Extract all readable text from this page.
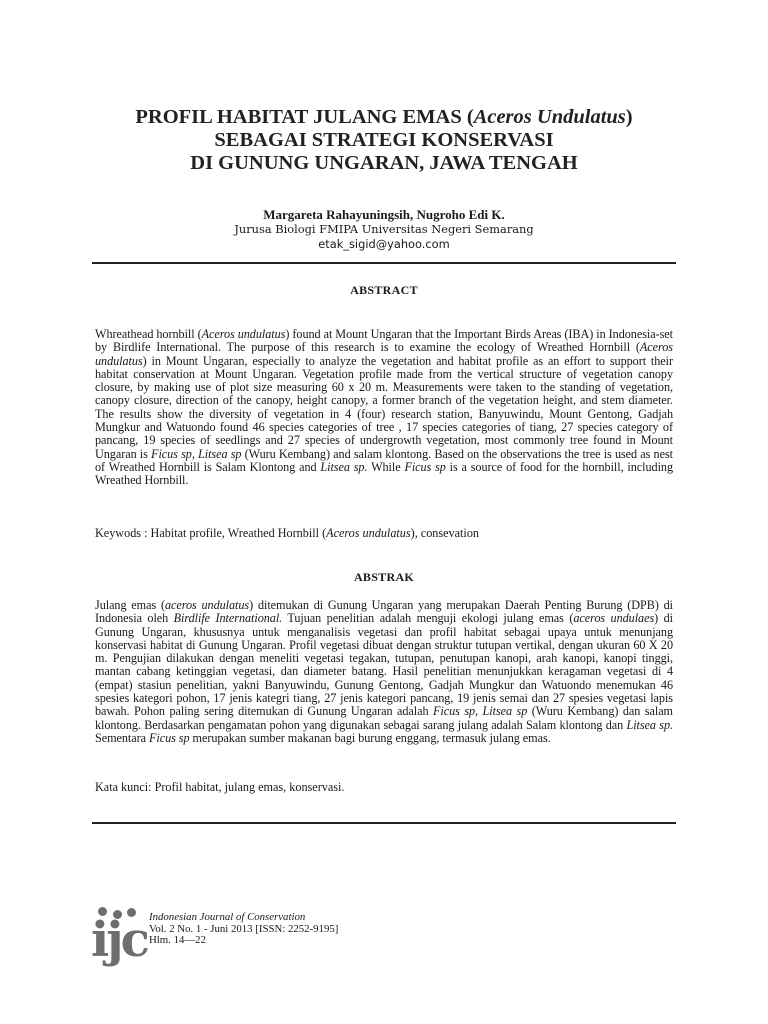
PROFIL HABITAT JULANG EMAS (Aceros Undulatus)
SEBAGAI STRATEGI KONSERVASI
DI GUNUNG UNGARAN, JAWA TENGAH
Margareta Rahayuningsih, Nugroho Edi K.
Jurusa Biologi FMIPA Universitas Negeri Semarang
etak_sigid@yahoo.com
ABSTRACT
Whreathead hornbill (Aceros undulatus) found at Mount Ungaran that the Important Birds Areas (IBA) in Indonesia-set by Birdlife International. The purpose of this research is to examine the ecology of Wreathed Hornbill (Aceros undulatus) in Mount Ungaran, especially to analyze the vegetation and habitat profile as an effort to support their habitat conservation at Mount Ungaran. Vegetation profile made from the vertical structure of vegetation canopy closure, by making use of plot size measuring 60 x 20 m. Measurements were taken to the standing of vegetation, canopy closure, direction of the canopy, height canopy, a former branch of the vegetation height, and stem diameter. The results show the diversity of vegetation in 4 (four) research station, Banyuwindu, Mount Gentong, Gadjah Mungkur and Watuondo found 46 species categories of tree , 17 species categories of tiang, 27 species category of pancang, 19 species of seedlings and 27 species of undergrowth vegetation, most commonly tree found in Mount Ungaran is Ficus sp, Litsea sp (Wuru Kembang) and salam klontong. Based on the observations the tree is used as nest of Wreathed Hornbill is Salam Klontong and Litsea sp. While Ficus sp is a source of food for the hornbill, including Wreathed Hornbill.
Keywods : Habitat profile, Wreathed Hornbill (Aceros undulatus), consevation
ABSTRAK
Julang emas (aceros undulatus) ditemukan di Gunung Ungaran yang merupakan Daerah Penting Burung (DPB) di Indonesia oleh Birdlife International. Tujuan penelitian adalah menguji ekologi julang emas (aceros undulaes) di Gunung Ungaran, khususnya untuk menganalisis vegetasi dan profil habitat sebagai upaya untuk menunjang konservasi habitat di Gunung Ungaran. Profil vegetasi dibuat dengan struktur tutupan vertikal, dengan ukuran 60 X 20 m. Pengujian dilakukan dengan meneliti vegetasi tegakan, tutupan, penutupan kanopi, arah kanopi, kanopi tinggi, mantan cabang ketinggian vegetasi, dan diameter batang. Hasil penelitian menunjukkan keragaman vegetasi di 4 (empat) stasiun penelitian, yakni Banyuwindu, Gunung Gentong, Gadjah Mungkur dan Watuondo menemukan 46 spesies kategori pohon, 17 jenis kategri tiang, 27 jenis kategori pancang, 19 jenis semai dan 27 spesies vegetasi lapis bawah. Pohon paling sering ditemukan di Gunung Ungaran adalah Ficus sp, Litsea sp (Wuru Kembang) dan salam klontong. Berdasarkan pengamatan pohon yang digunakan sebagai sarang julang adalah Salam klontong dan Litsea sp. Sementara Ficus sp merupakan sumber makanan bagi burung enggang, termasuk julang emas.
Kata kunci: Profil habitat, julang emas, konservasi.
ijc Indonesian Journal of Conservation
Vol. 2 No. 1 - Juni 2013 [ISSN: 2252-9195]
Hlm. 14—22
